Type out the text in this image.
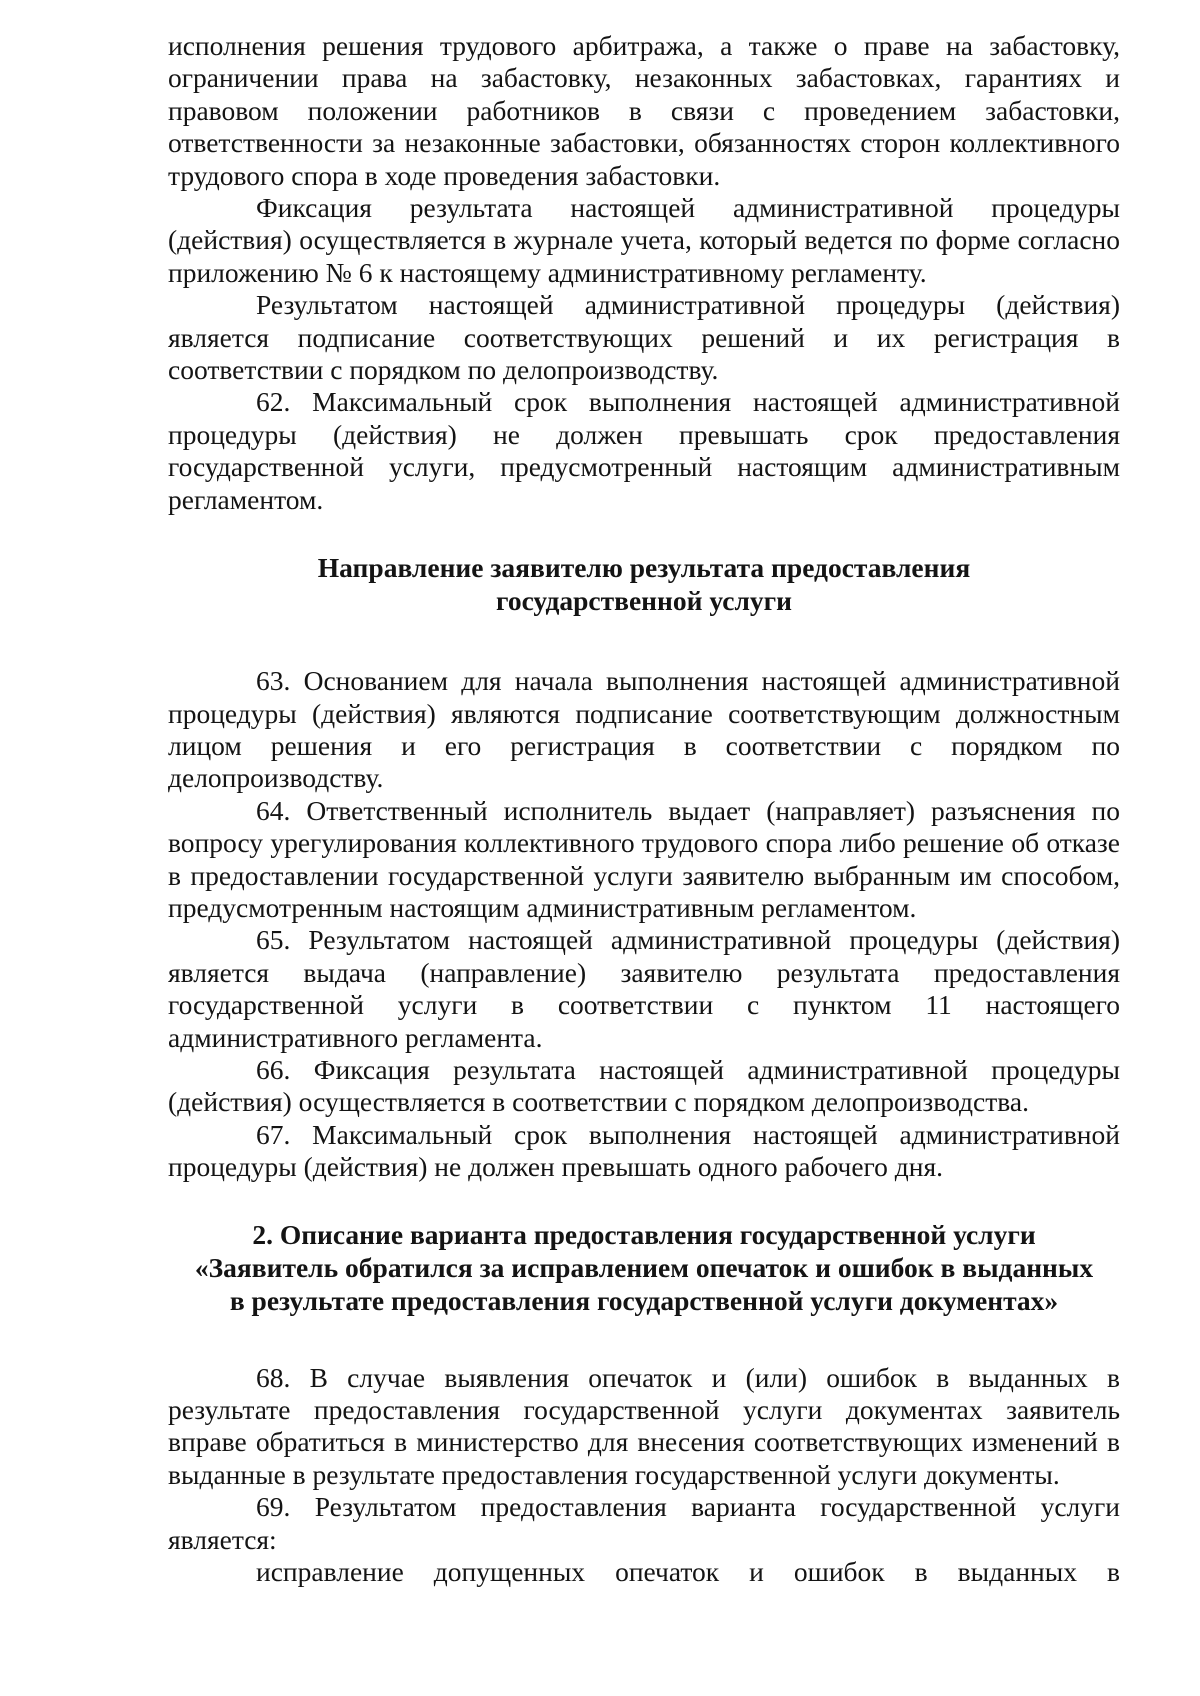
исполнения решения трудового арбитража, а также о праве на забастовку, ограничении права на забастовку, незаконных забастовках, гарантиях и правовом положении работников в связи с проведением забастовки, ответственности за незаконные забастовки, обязанностях сторон коллективного трудового спора в ходе проведения забастовки.

Фиксация результата настоящей административной процедуры (действия) осуществляется в журнале учета, который ведется по форме согласно приложению № 6 к настоящему административному регламенту.

Результатом настоящей административной процедуры (действия) является подписание соответствующих решений и их регистрация в соответствии с порядком по делопроизводству.

62. Максимальный срок выполнения настоящей административной процедуры (действия) не должен превышать срок предоставления государственной услуги, предусмотренный настоящим административным регламентом.

Направление заявителю результата предоставления
государственной услуги

63. Основанием для начала выполнения настоящей административной процедуры (действия) являются подписание соответствующим должностным лицом решения и его регистрация в соответствии с порядком по делопроизводству.

64. Ответственный исполнитель выдает (направляет) разъяснения по вопросу урегулирования коллективного трудового спора либо решение об отказе в предоставлении государственной услуги заявителю выбранным им способом, предусмотренным настоящим административным регламентом.

65. Результатом настоящей административной процедуры (действия) является выдача (направление) заявителю результата предоставления государственной услуги в соответствии с пунктом 11 настоящего административного регламента.

66. Фиксация результата настоящей административной процедуры (действия) осуществляется в соответствии с порядком делопроизводства.

67. Максимальный срок выполнения настоящей административной процедуры (действия) не должен превышать одного рабочего дня.

2. Описание варианта предоставления государственной услуги
«Заявитель обратился за исправлением опечаток и ошибок в выданных
в результате предоставления государственной услуги документах»

68. В случае выявления опечаток и (или) ошибок в выданных в результате предоставления государственной услуги документах заявитель вправе обратиться в министерство для внесения соответствующих изменений в выданные в результате предоставления государственной услуги документы.

69. Результатом предоставления варианта государственной услуги является:

исправление допущенных опечаток и ошибок в выданных в
